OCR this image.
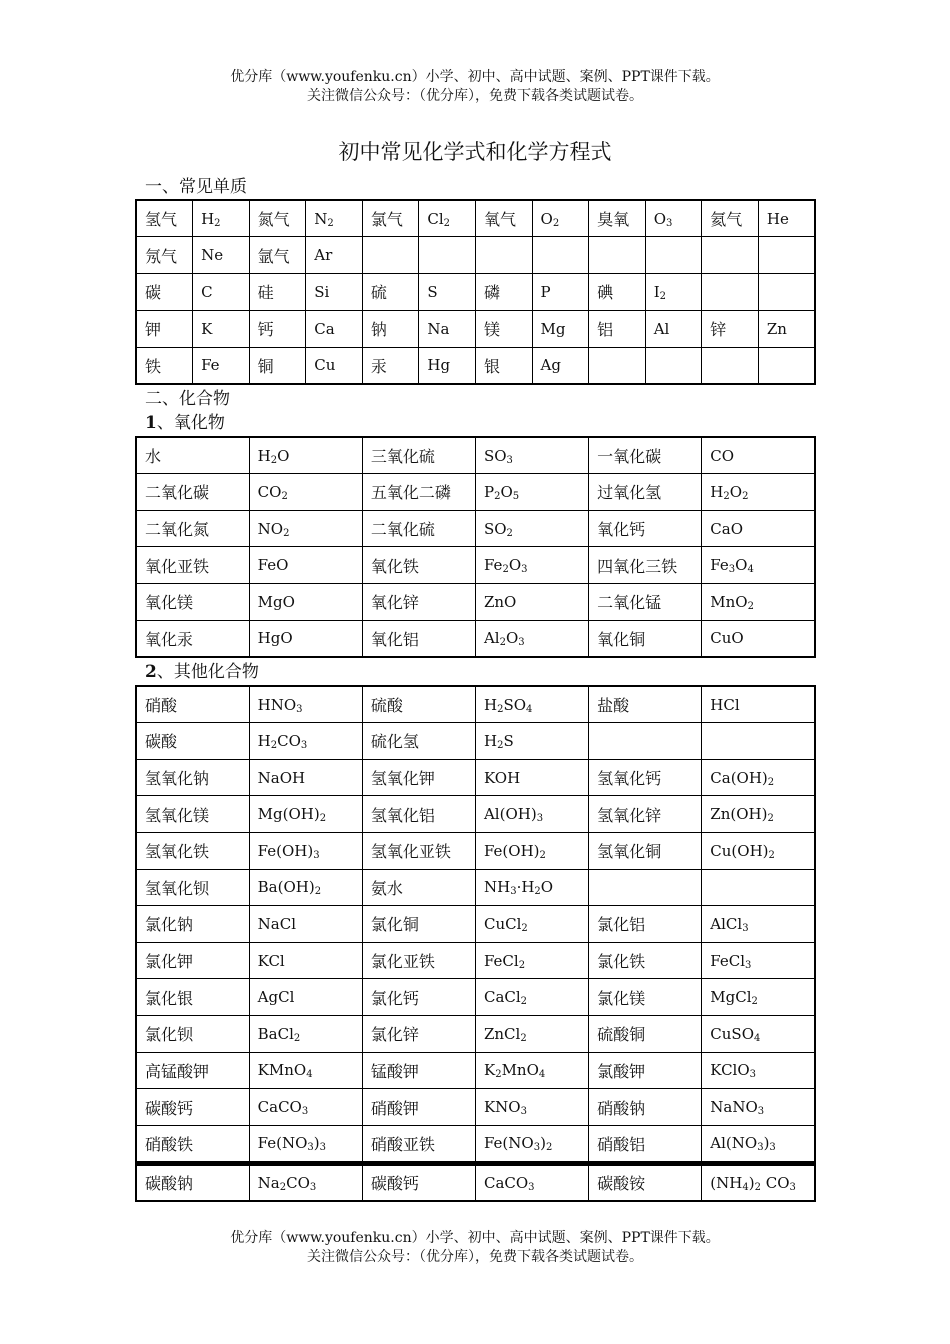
优分库（www.youfenku.cn）小学、初中、高中试题、案例、PPT课件下载。
关注微信公众号：（优分库），免费下载各类试题试卷。
初中常见化学式和化学方程式
一、常见单质
氢气	$H_2$	氮气	$N_2$	氯气	$Cl_2$	氧气	$O_2$	臭氧	$O_3$	氦气	He
氖气	Ne	氩气	Ar								
碳	C	硅	Si	硫	S	磷	P	碘	$I_2$		
钾	K	钙	Ca	钠	Na	镁	Mg	铝	Al	锌	Zn
铁	Fe	铜	Cu	汞	Hg	银	Ag				
二、化合物
1、氧化物
水	$H_2O$	三氧化硫	$SO_3$	一氧化碳	CO
二氧化碳	$CO_2$	五氧化二磷	$P_2O_5$	过氧化氢	$H_2O_2$
二氧化氮	$NO_2$	二氧化硫	$SO_2$	氧化钙	CaO
氧化亚铁	FeO	氧化铁	$Fe_2O_3$	四氧化三铁	$Fe_3O_4$
氧化镁	MgO	氧化锌	ZnO	二氧化锰	MnO$_2$
氧化汞	HgO	氧化铝	$Al_2O_3$	氧化铜	CuO
2、其他化合物
硝酸	$HNO_3$	硫酸	$H_2SO_4$	盐酸	HCl
碳酸	$H_2CO_3$	硫化氢	$H_2S$		
氢氧化钠	NaOH	氢氧化钾	KOH	氢氧化钙	$Ca(OH)_2$
氢氧化镁	$Mg(OH)_2$	氢氧化铝	$Al(OH)_3$	氢氧化锌	$Zn(OH)_2$
氢氧化铁	$Fe(OH)_3$	氢氧化亚铁	$Fe(OH)_2$	氢氧化铜	$Cu(OH)_2$
氢氧化钡	$Ba(OH)_2$	氨水	$NH_3\cdot H_2O$		
氯化钠	NaCl	氯化铜	CuCl$_2$	氯化铝	AlCl$_3$
氯化钾	KCl	氯化亚铁	FeCl$_2$	氯化铁	FeCl$_3$
氯化银	AgCl	氯化钙	CaCl$_2$	氯化镁	MgCl$_2$
氯化钡	BaCl$_2$	氯化锌	ZnCl$_2$	硫酸铜	CuSO$_4$
高锰酸钾	KMnO$_4$	锰酸钾	$K_2MnO_4$	氯酸钾	KClO$_3$
碳酸钙	CaCO$_3$	硝酸钾	$KNO_3$	硝酸钠	NaNO$_3$
硝酸铁	$Fe(NO_3)_3$	硝酸亚铁	$Fe(NO_3)_2$	硝酸铝	$Al(NO_3)_3$
碳酸钠	$Na_2CO_3$	碳酸钙	CaCO$_3$	碳酸铵	$(NH_4)_2$ $CO_3$
优分库（www.youfenku.cn）小学、初中、高中试题、案例、PPT课件下载。
关注微信公众号：（优分库），免费下载各类试题试卷。
